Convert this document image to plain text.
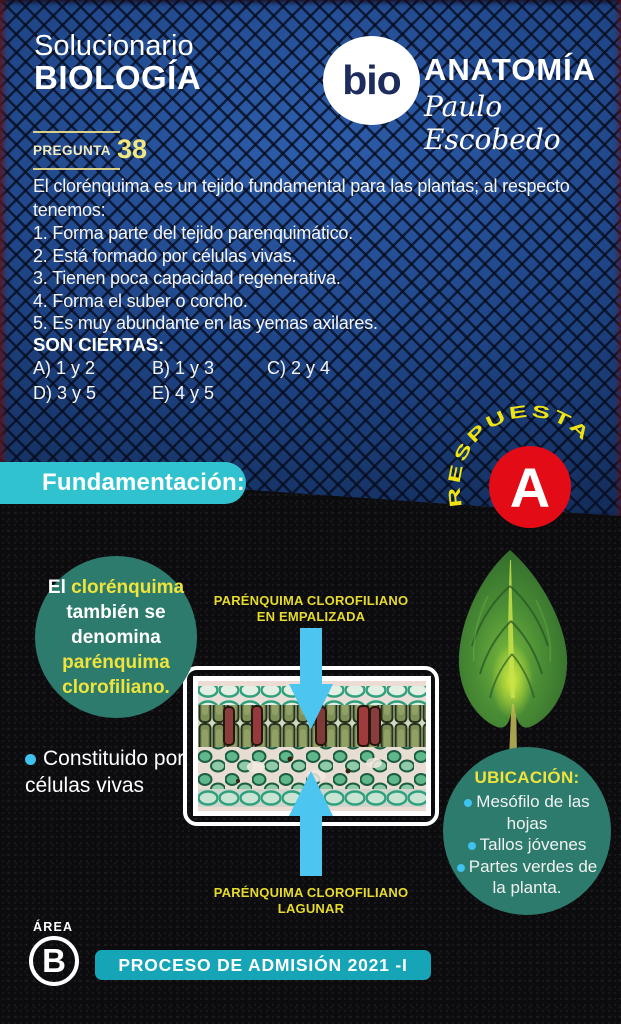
Solucionario
BIOLOGÍA	bio ANATOMÍA
Paulo Escobedo
PREGUNTA 38
El clorénquima es un tejido fundamental para las plantas; al respecto tenemos:
1. Forma parte del tejido parenquimático.
2. Está formado por células vivas.
3. Tienen poca capacidad regenerativa.
4. Forma el suber o corcho.
5. Es muy abundante en las yemas axilares.
SON CIERTAS:
A) 1 y 2	B) 1 y 3	C) 2 y 4
D) 3 y 5	E) 4 y 5
Fundamentación:
RESPUESTA
A

El clorénquima también se denomina parénquima clorofiliano.

PARÉNQUIMA CLOROFILIANO
EN EMPALIZADA
PARÉNQUIMA CLOROFILIANO
LAGUNAR
Constituido por células vivas	UBICACIÓN:
Mesófilo de las hojas
Tallos jóvenes
Partes verdes de la planta.
ÁREA
B	PROCESO DE ADMISIÓN 2021 -I
